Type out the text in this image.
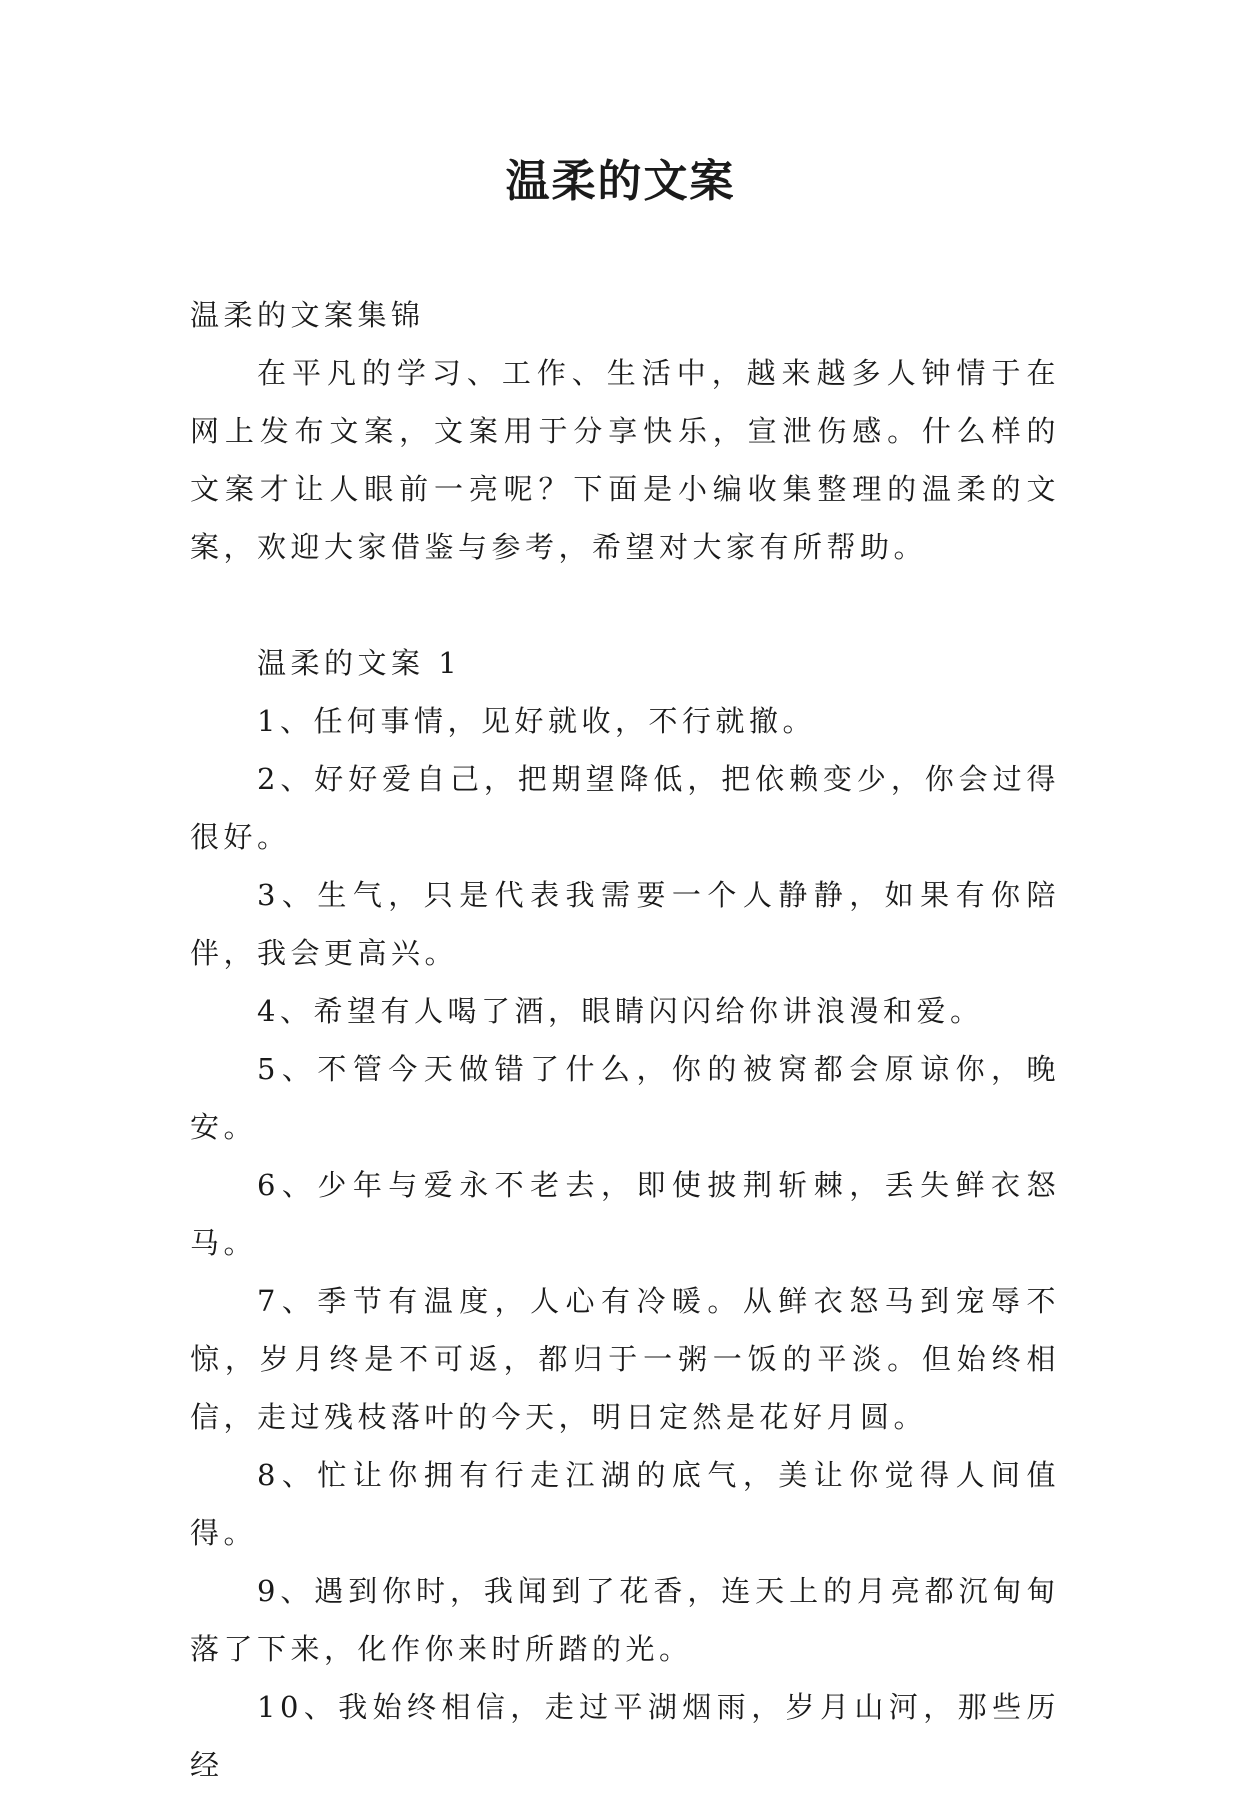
温柔的文案

温柔的文案集锦

在平凡的学习、工作、生活中，越来越多人钟情于在网上发布文案，文案用于分享快乐，宣泄伤感。什么样的文案才让人眼前一亮呢？下面是小编收集整理的温柔的文案，欢迎大家借鉴与参考，希望对大家有所帮助。

温柔的文案 1

1、任何事情，见好就收，不行就撤。

2、好好爱自己，把期望降低，把依赖变少，你会过得很好。

3、生气，只是代表我需要一个人静静，如果有你陪伴，我会更高兴。

4、希望有人喝了酒，眼睛闪闪给你讲浪漫和爱。

5、不管今天做错了什么，你的被窝都会原谅你，晚安。

6、少年与爱永不老去，即使披荆斩棘，丢失鲜衣怒马。

7、季节有温度，人心有冷暖。从鲜衣怒马到宠辱不惊，岁月终是不可返，都归于一粥一饭的平淡。但始终相信，走过残枝落叶的今天，明日定然是花好月圆。

8、忙让你拥有行走江湖的底气，美让你觉得人间值得。

9、遇到你时，我闻到了花香，连天上的月亮都沉甸甸落了下来，化作你来时所踏的光。

10、我始终相信，走过平湖烟雨，岁月山河，那些历经
